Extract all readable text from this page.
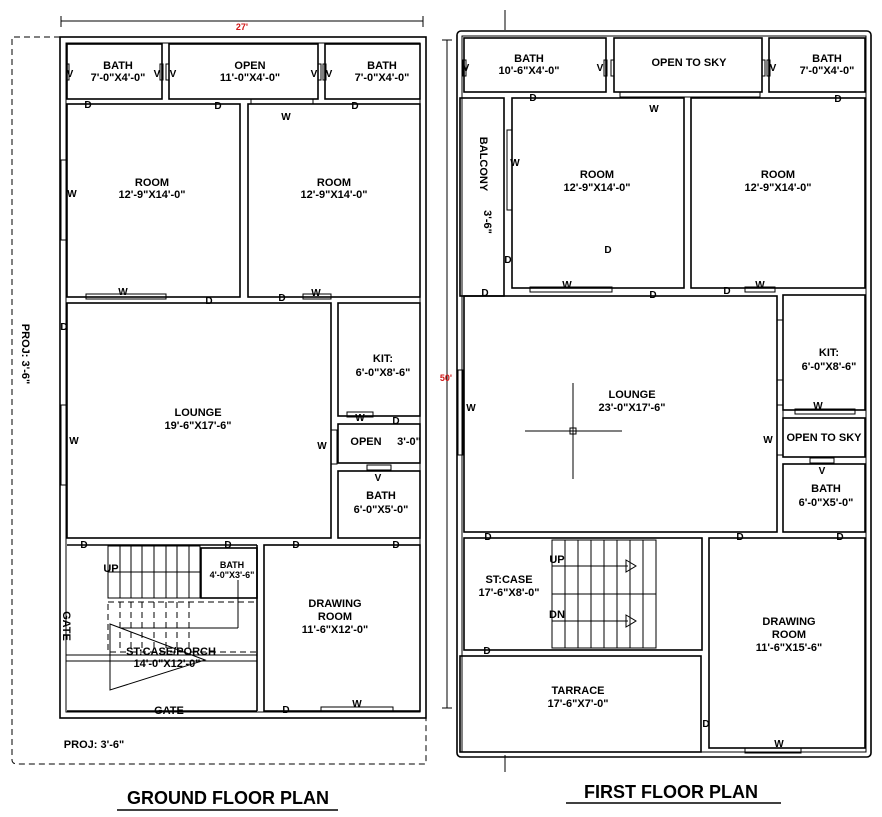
27'
50'
BATH
7'-0"X4'-0"
OPEN
11'-0"X4'-0"
BATH
7'-0"X4'-0"
ROOM
12'-9"X14'-0"
ROOM
12'-9"X14'-0"
LOUNGE
19'-6"X17'-6"
KIT:
6'-0"X8'-6"
OPEN 3'-0"
BATH
6'-0"X5'-0"
BATH
4'-0"X3'-6"
DRAWING
ROOM
11'-6"X12'-0"
ST:CASE/PORCH
14'-0"X12'-0"
UP
GATE
GATE
PROJ: 3'-6"
PROJ: 3'-6"
D	D	D
W
W
W
D	D	W
D
W	W
W	D
V
D	D	D	D
D
W
V	V V	V V
GROUND FLOOR PLAN
BATH
10'-6"X4'-0"
OPEN TO SKY	BATH
7'-0"X4'-0"
BALCONY
3'-6"
ROOM
12'-9"X14'-0"
ROOM
12'-9"X14'-0"
LOUNGE
23'-0"X17'-6"
KIT:
6'-0"X8'-6"
OPEN TO SKY
BATH
6'-0"X5'-0"
ST:CASE
17'-6"X8'-0"
UP
DN
DRAWING
ROOM
11'-6"X15'-6"
TARRACE
17'-6"X7'-0"
V	V	V
D	D
W
W
D
D
W
D	D	D
W
W
W
W
V
D	D	D
D
D
W
FIRST FLOOR PLAN
